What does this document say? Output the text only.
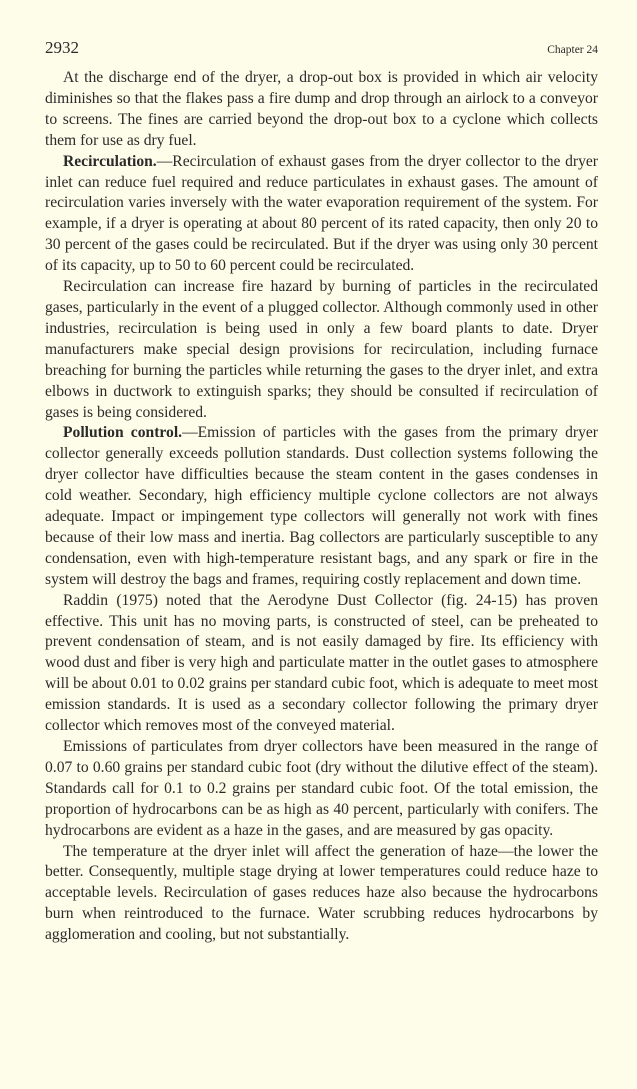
2932	Chapter 24

At the discharge end of the dryer, a drop-out box is provided in which air velocity diminishes so that the flakes pass a fire dump and drop through an airlock to a conveyor to screens. The fines are carried beyond the drop-out box to a cyclone which collects them for use as dry fuel.

Recirculation.—Recirculation of exhaust gases from the dryer collector to the dryer inlet can reduce fuel required and reduce particulates in exhaust gases. The amount of recirculation varies inversely with the water evaporation requirement of the system. For example, if a dryer is operating at about 80 percent of its rated capacity, then only 20 to 30 percent of the gases could be recirculated. But if the dryer was using only 30 percent of its capacity, up to 50 to 60 percent could be recirculated.

Recirculation can increase fire hazard by burning of particles in the recirculated gases, particularly in the event of a plugged collector. Although commonly used in other industries, recirculation is being used in only a few board plants to date. Dryer manufacturers make special design provisions for recirculation, including furnace breaching for burning the particles while returning the gases to the dryer inlet, and extra elbows in ductwork to extinguish sparks; they should be consulted if recirculation of gases is being considered.

Pollution control.—Emission of particles with the gases from the primary dryer collector generally exceeds pollution standards. Dust collection systems following the dryer collector have difficulties because the steam content in the gases condenses in cold weather. Secondary, high efficiency multiple cyclone collectors are not always adequate. Impact or impingement type collectors will generally not work with fines because of their low mass and inertia. Bag collectors are particularly susceptible to any condensation, even with high-temperature resistant bags, and any spark or fire in the system will destroy the bags and frames, requiring costly replacement and down time.

Raddin (1975) noted that the Aerodyne Dust Collector (fig. 24-15) has proven effective. This unit has no moving parts, is constructed of steel, can be preheated to prevent condensation of steam, and is not easily damaged by fire. Its efficiency with wood dust and fiber is very high and particulate matter in the outlet gases to atmosphere will be about 0.01 to 0.02 grains per standard cubic foot, which is adequate to meet most emission standards. It is used as a secondary collector following the primary dryer collector which removes most of the conveyed material.

Emissions of particulates from dryer collectors have been measured in the range of 0.07 to 0.60 grains per standard cubic foot (dry without the dilutive effect of the steam). Standards call for 0.1 to 0.2 grains per standard cubic foot. Of the total emission, the proportion of hydrocarbons can be as high as 40 percent, particularly with conifers. The hydrocarbons are evident as a haze in the gases, and are measured by gas opacity.

The temperature at the dryer inlet will affect the generation of haze—the lower the better. Consequently, multiple stage drying at lower temperatures could reduce haze to acceptable levels. Recirculation of gases reduces haze also because the hydrocarbons burn when reintroduced to the furnace. Water scrubbing reduces hydrocarbons by agglomeration and cooling, but not substantially.
